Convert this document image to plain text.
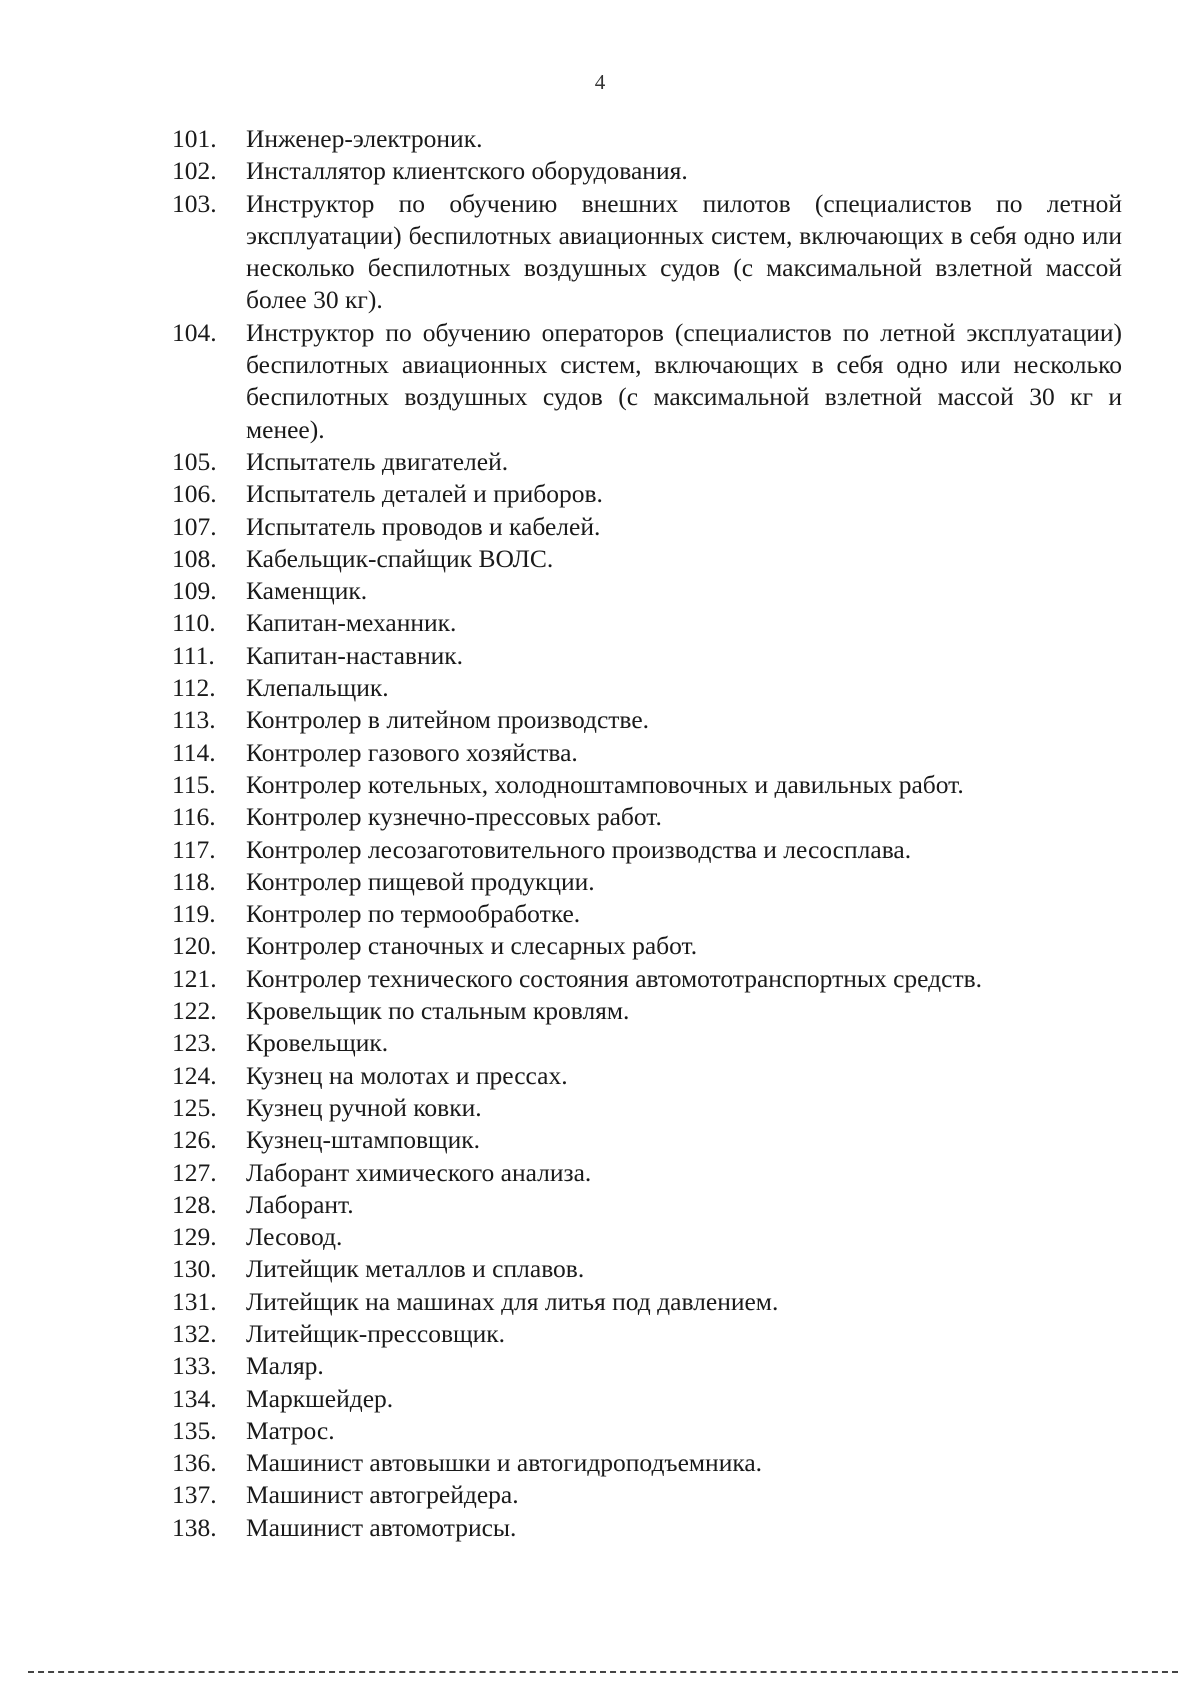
4
101.	Инженер-электроник.
102.	Инсталлятор клиентского оборудования.
103.	Инструктор по обучению внешних пилотов (специалистов по летной эксплуатации) беспилотных авиационных систем, включающих в себя одно или несколько беспилотных воздушных судов (с максимальной взлетной массой более 30 кг).
104.	Инструктор по обучению операторов (специалистов по летной эксплуатации) беспилотных авиационных систем, включающих в себя одно или несколько беспилотных воздушных судов (с максимальной взлетной массой 30 кг и менее).
105.	Испытатель двигателей.
106.	Испытатель деталей и приборов.
107.	Испытатель проводов и кабелей.
108.	Кабельщик-спайщик ВОЛС.
109.	Каменщик.
110.	Капитан-механник.
111.	Капитан-наставник.
112.	Клепальщик.
113.	Контролер в литейном производстве.
114.	Контролер газового хозяйства.
115.	Контролер котельных, холодноштамповочных и давильных работ.
116.	Контролер кузнечно-прессовых работ.
117.	Контролер лесозаготовительного производства и лесосплава.
118.	Контролер пищевой продукции.
119.	Контролер по термообработке.
120.	Контролер станочных и слесарных работ.
121.	Контролер технического состояния автомототранспортных средств.
122.	Кровельщик по стальным кровлям.
123.	Кровельщик.
124.	Кузнец на молотах и прессах.
125.	Кузнец ручной ковки.
126.	Кузнец-штамповщик.
127.	Лаборант химического анализа.
128.	Лаборант.
129.	Лесовод.
130.	Литейщик металлов и сплавов.
131.	Литейщик на машинах для литья под давлением.
132.	Литейщик-прессовщик.
133.	Маляр.
134.	Маркшейдер.
135.	Матрос.
136.	Машинист автовышки и автогидроподъемника.
137.	Машинист автогрейдера.
138.	Машинист автомотрисы.
